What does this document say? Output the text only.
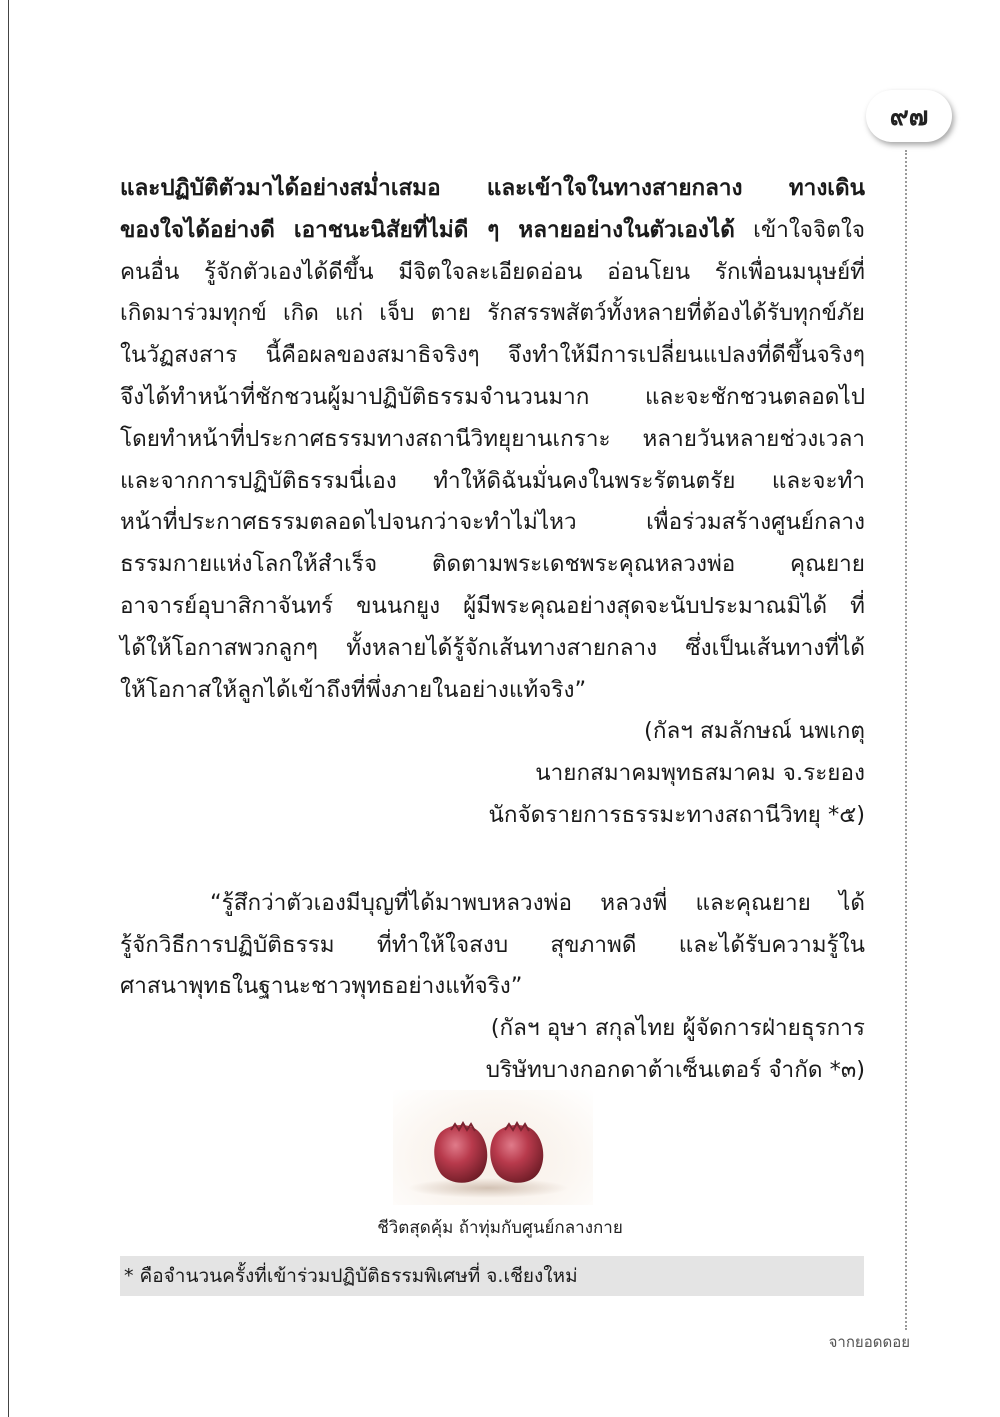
๙๗
และปฏิบัติตัวมาได้อย่างสม่ำเสมอ และเข้าใจในทางสายกลาง ทางเดิน
ของใจได้อย่างดี เอาชนะนิสัยที่ไม่ดี ๆ หลายอย่างในตัวเองได้ เข้าใจจิตใจ
คนอื่น รู้จักตัวเองได้ดีขึ้น มีจิตใจละเอียดอ่อน อ่อนโยน รักเพื่อนมนุษย์ที่
เกิดมาร่วมทุกข์ เกิด แก่ เจ็บ ตาย รักสรรพสัตว์ทั้งหลายที่ต้องได้รับทุกข์ภัย
ในวัฏสงสาร นี้คือผลของสมาธิจริงๆ จึงทำให้มีการเปลี่ยนแปลงที่ดีขึ้นจริงๆ
จึงได้ทำหน้าที่ชักชวนผู้มาปฏิบัติธรรมจำนวนมาก และจะชักชวนตลอดไป
โดยทำหน้าที่ประกาศธรรมทางสถานีวิทยุยานเกราะ หลายวันหลายช่วงเวลา
และจากการปฏิบัติธรรมนี่เอง ทำให้ดิฉันมั่นคงในพระรัตนตรัย และจะทำ
หน้าที่ประกาศธรรมตลอดไปจนกว่าจะทำไม่ไหว เพื่อร่วมสร้างศูนย์กลาง
ธรรมกายแห่งโลกให้สำเร็จ ติดตามพระเดชพระคุณหลวงพ่อ คุณยาย
อาจารย์อุบาสิกาจันทร์ ขนนกยูง ผู้มีพระคุณอย่างสุดจะนับประมาณมิได้ ที่
ได้ให้โอกาสพวกลูกๆ ทั้งหลายได้รู้จักเส้นทางสายกลาง ซึ่งเป็นเส้นทางที่ได้
ให้โอกาสให้ลูกได้เข้าถึงที่พึ่งภายในอย่างแท้จริง”
(กัลฯ สมลักษณ์ นพเกตุ
นายกสมาคมพุทธสมาคม จ.ระยอง
นักจัดรายการธรรมะทางสถานีวิทยุ *๕)
“รู้สึกว่าตัวเองมีบุญที่ได้มาพบหลวงพ่อ หลวงพี่ และคุณยาย ได้
รู้จักวิธีการปฏิบัติธรรม ที่ทำให้ใจสงบ สุขภาพดี และได้รับความรู้ใน
ศาสนาพุทธในฐานะชาวพุทธอย่างแท้จริง”
(กัลฯ อุษา สกุลไทย ผู้จัดการฝ่ายธุรการ
บริษัทบางกอกดาต้าเซ็นเตอร์ จำกัด *๓)
ชีวิตสุดคุ้ม ถ้าทุ่มกับศูนย์กลางกาย
* คือจำนวนครั้งที่เข้าร่วมปฏิบัติธรรมพิเศษที่ จ.เชียงใหม่
จากยอดดอย
